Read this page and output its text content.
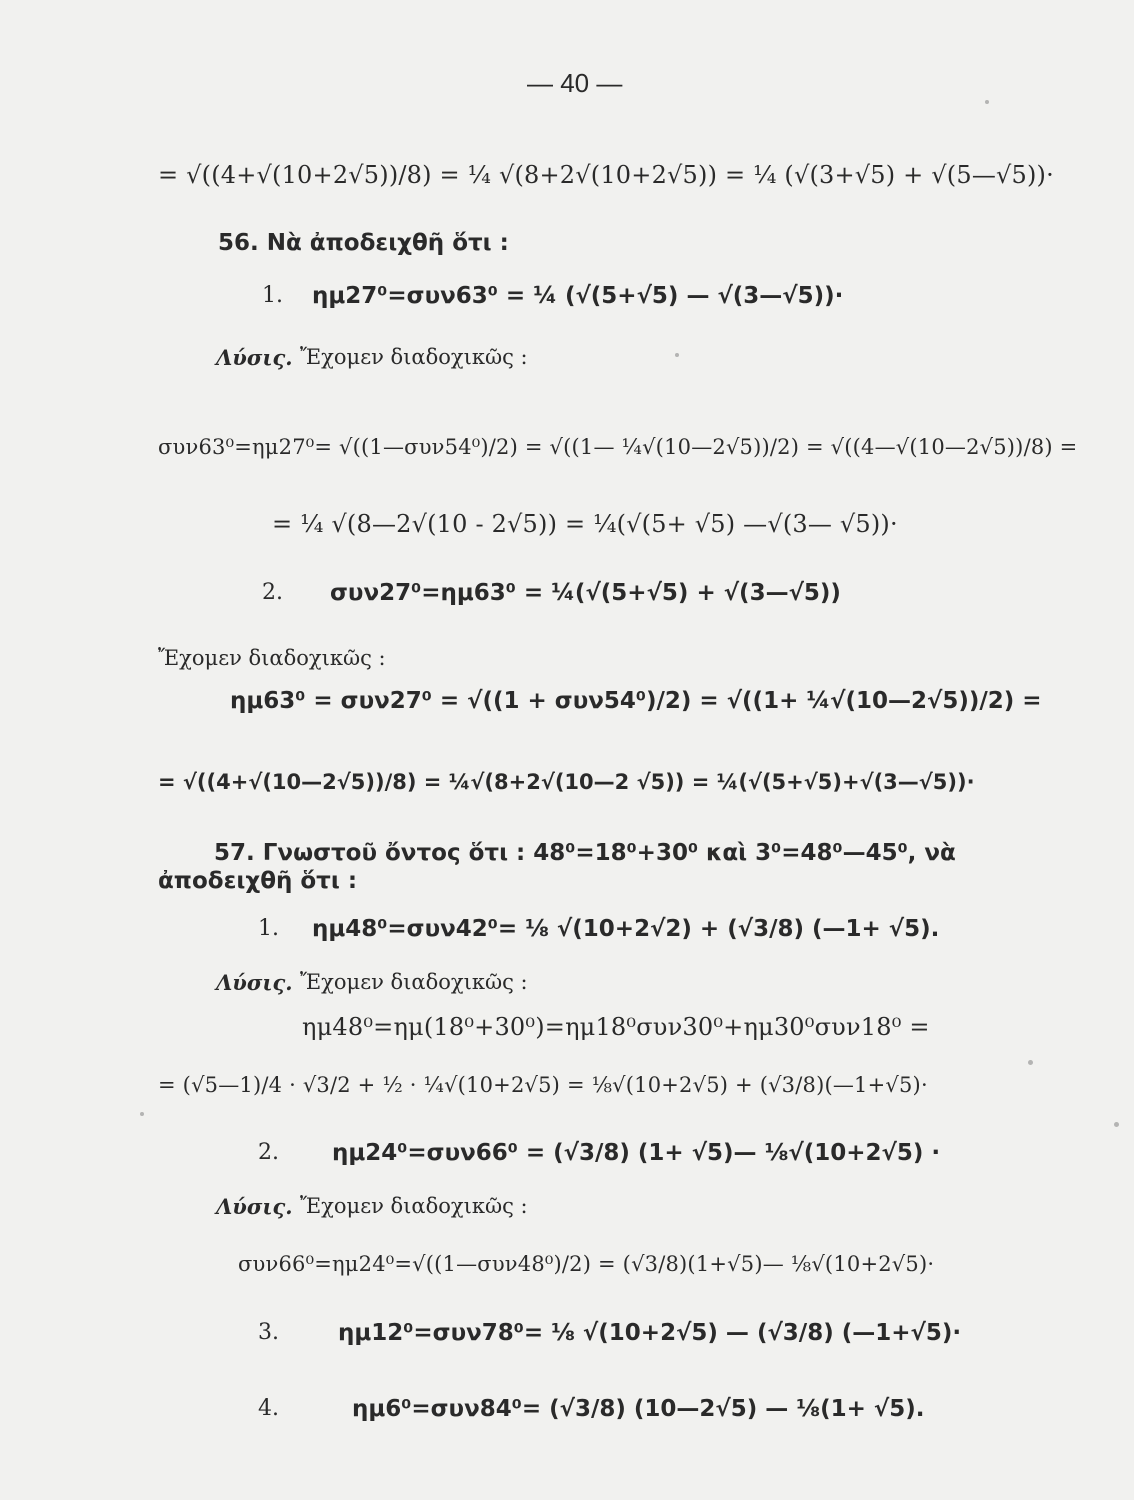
— 40 —
= √((4+√(10+2√5))/8) = ¼ √(8+2√(10+2√5)) = ¼ (√(3+√5) + √(5—√5))·
56. Νὰ ἀποδειχθῆ ὅτι :
1. ημ27⁰=συν63⁰ = ¼ (√(5+√5) — √(3—√5))·
Λύσις. Ἔχομεν διαδοχικῶς :
συν63⁰=ημ27⁰= √((1—συν54⁰)/2) = √((1— ¼√(10—2√5))/2) = √((4—√(10—2√5))/8) =
= ¼ √(8—2√(10 - 2√5)) = ¼(√(5+ √5) —√(3— √5))·
2. συν27⁰=ημ63⁰ = ¼(√(5+√5) + √(3—√5))
Ἔχομεν διαδοχικῶς :
ημ63⁰ = συν27⁰ = √((1 + συν54⁰)/2) = √((1+ ¼√(10—2√5))/2) =
= √((4+√(10—2√5))/8) = ¼√(8+2√(10—2 √5)) = ¼(√(5+√5)+√(3—√5))·
57. Γνωστοῦ ὄντος ὅτι : 48⁰=18⁰+30⁰ καὶ 3⁰=48⁰—45⁰, νὰ
ἀποδειχθῆ ὅτι :
1. ημ48⁰=συν42⁰= ⅛ √(10+2√2) + (√3/8) (—1+ √5).
Λύσις. Ἔχομεν διαδοχικῶς :
ημ48⁰=ημ(18⁰+30⁰)=ημ18⁰συν30⁰+ημ30⁰συν18⁰ =
= (√5—1)/4 · √3/2 + ½ · ¼√(10+2√5) = ⅛√(10+2√5) + (√3/8)(—1+√5)·
2. ημ24⁰=συν66⁰ = (√3/8) (1+ √5)— ⅛√(10+2√5) ·
Λύσις. Ἔχομεν διαδοχικῶς :
συν66⁰=ημ24⁰=√((1—συν48⁰)/2) = (√3/8)(1+√5)— ⅛√(10+2√5)·
3.	ημ12⁰=συν78⁰= ⅛ √(10+2√5) — (√3/8) (—1+√5)·
4.	ημ6⁰=συν84⁰= (√3/8) (10—2√5) — ⅛(1+ √5).
